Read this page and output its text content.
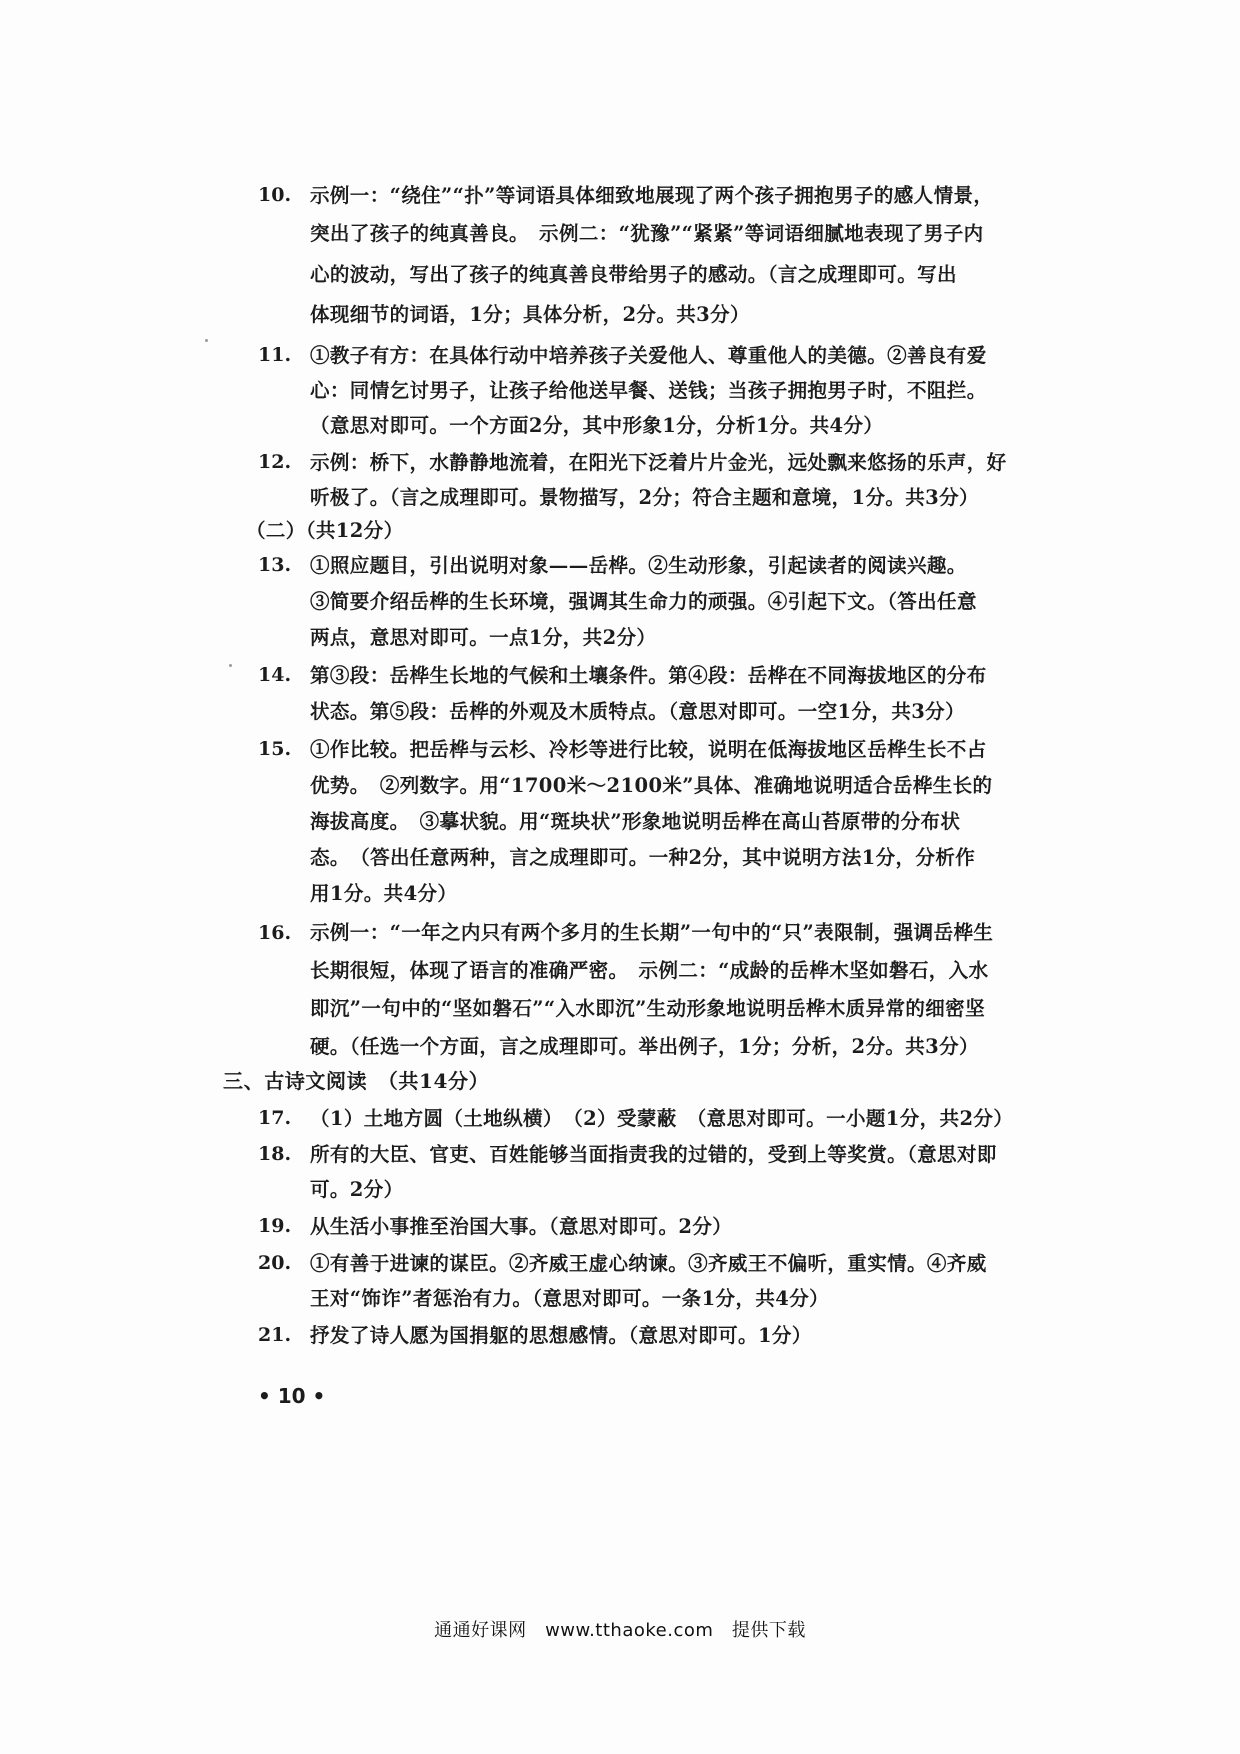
10. 示例一：“绕住”“扑”等词语具体细致地展现了两个孩子拥抱男子的感人情景，

突出了孩子的纯真善良。　示例二：“犹豫”“紧紧”等词语细腻地表现了男子内

心的波动，写出了孩子的纯真善良带给男子的感动。（言之成理即可。写出

体现细节的词语，1分；具体分析，2分。共3分）

11. ①教子有方：在具体行动中培养孩子关爱他人、尊重他人的美德。②善良有爱

心：同情乞讨男子，让孩子给他送早餐、送钱；当孩子拥抱男子时，不阻拦。

（意思对即可。一个方面2分，其中形象1分，分析1分。共4分）

12. 示例：桥下，水静静地流着，在阳光下泛着片片金光，远处飘来悠扬的乐声，好

听极了。（言之成理即可。景物描写，2分；符合主题和意境，1分。共3分）

（二）（共12分）

13. ①照应题目，引出说明对象——岳桦。②生动形象，引起读者的阅读兴趣。

③简要介绍岳桦的生长环境，强调其生命力的顽强。④引起下文。（答出任意

两点，意思对即可。一点1分，共2分）

14. 第③段：岳桦生长地的气候和土壤条件。第④段：岳桦在不同海拔地区的分布

状态。第⑤段：岳桦的外观及木质特点。（意思对即可。一空1分，共3分）

15. ①作比较。把岳桦与云杉、冷杉等进行比较，说明在低海拔地区岳桦生长不占

优势。　②列数字。用“1700米～2100米”具体、准确地说明适合岳桦生长的

海拔高度。　③摹状貌。用“斑块状”形象地说明岳桦在高山苔原带的分布状

态。　（答出任意两种，言之成理即可。一种2分，其中说明方法1分，分析作

用1分。共4分）

16. 示例一：“一年之内只有两个多月的生长期”一句中的“只”表限制，强调岳桦生

长期很短，体现了语言的准确严密。　示例二：“成龄的岳桦木坚如磐石，入水

即沉”一句中的“坚如磐石”“入水即沉”生动形象地说明岳桦木质异常的细密坚

硬。（任选一个方面，言之成理即可。举出例子，1分；分析，2分。共3分）

三、古诗文阅读　（共14分）

17. （1）土地方圆（土地纵横）　（2）受蒙蔽　（意思对即可。一小题1分，共2分）

18. 所有的大臣、官吏、百姓能够当面指责我的过错的，受到上等奖赏。（意思对即

可。2分）

19. 从生活小事推至治国大事。（意思对即可。2分）

20. ①有善于进谏的谋臣。②齐威王虚心纳谏。③齐威王不偏听，重实情。④齐威

王对“饰诈”者惩治有力。（意思对即可。一条1分，共4分）

21. 抒发了诗人愿为国捐躯的思想感情。（意思对即可。1分）

• 10 •
通通好课网　www.tthaoke.com　提供下载
